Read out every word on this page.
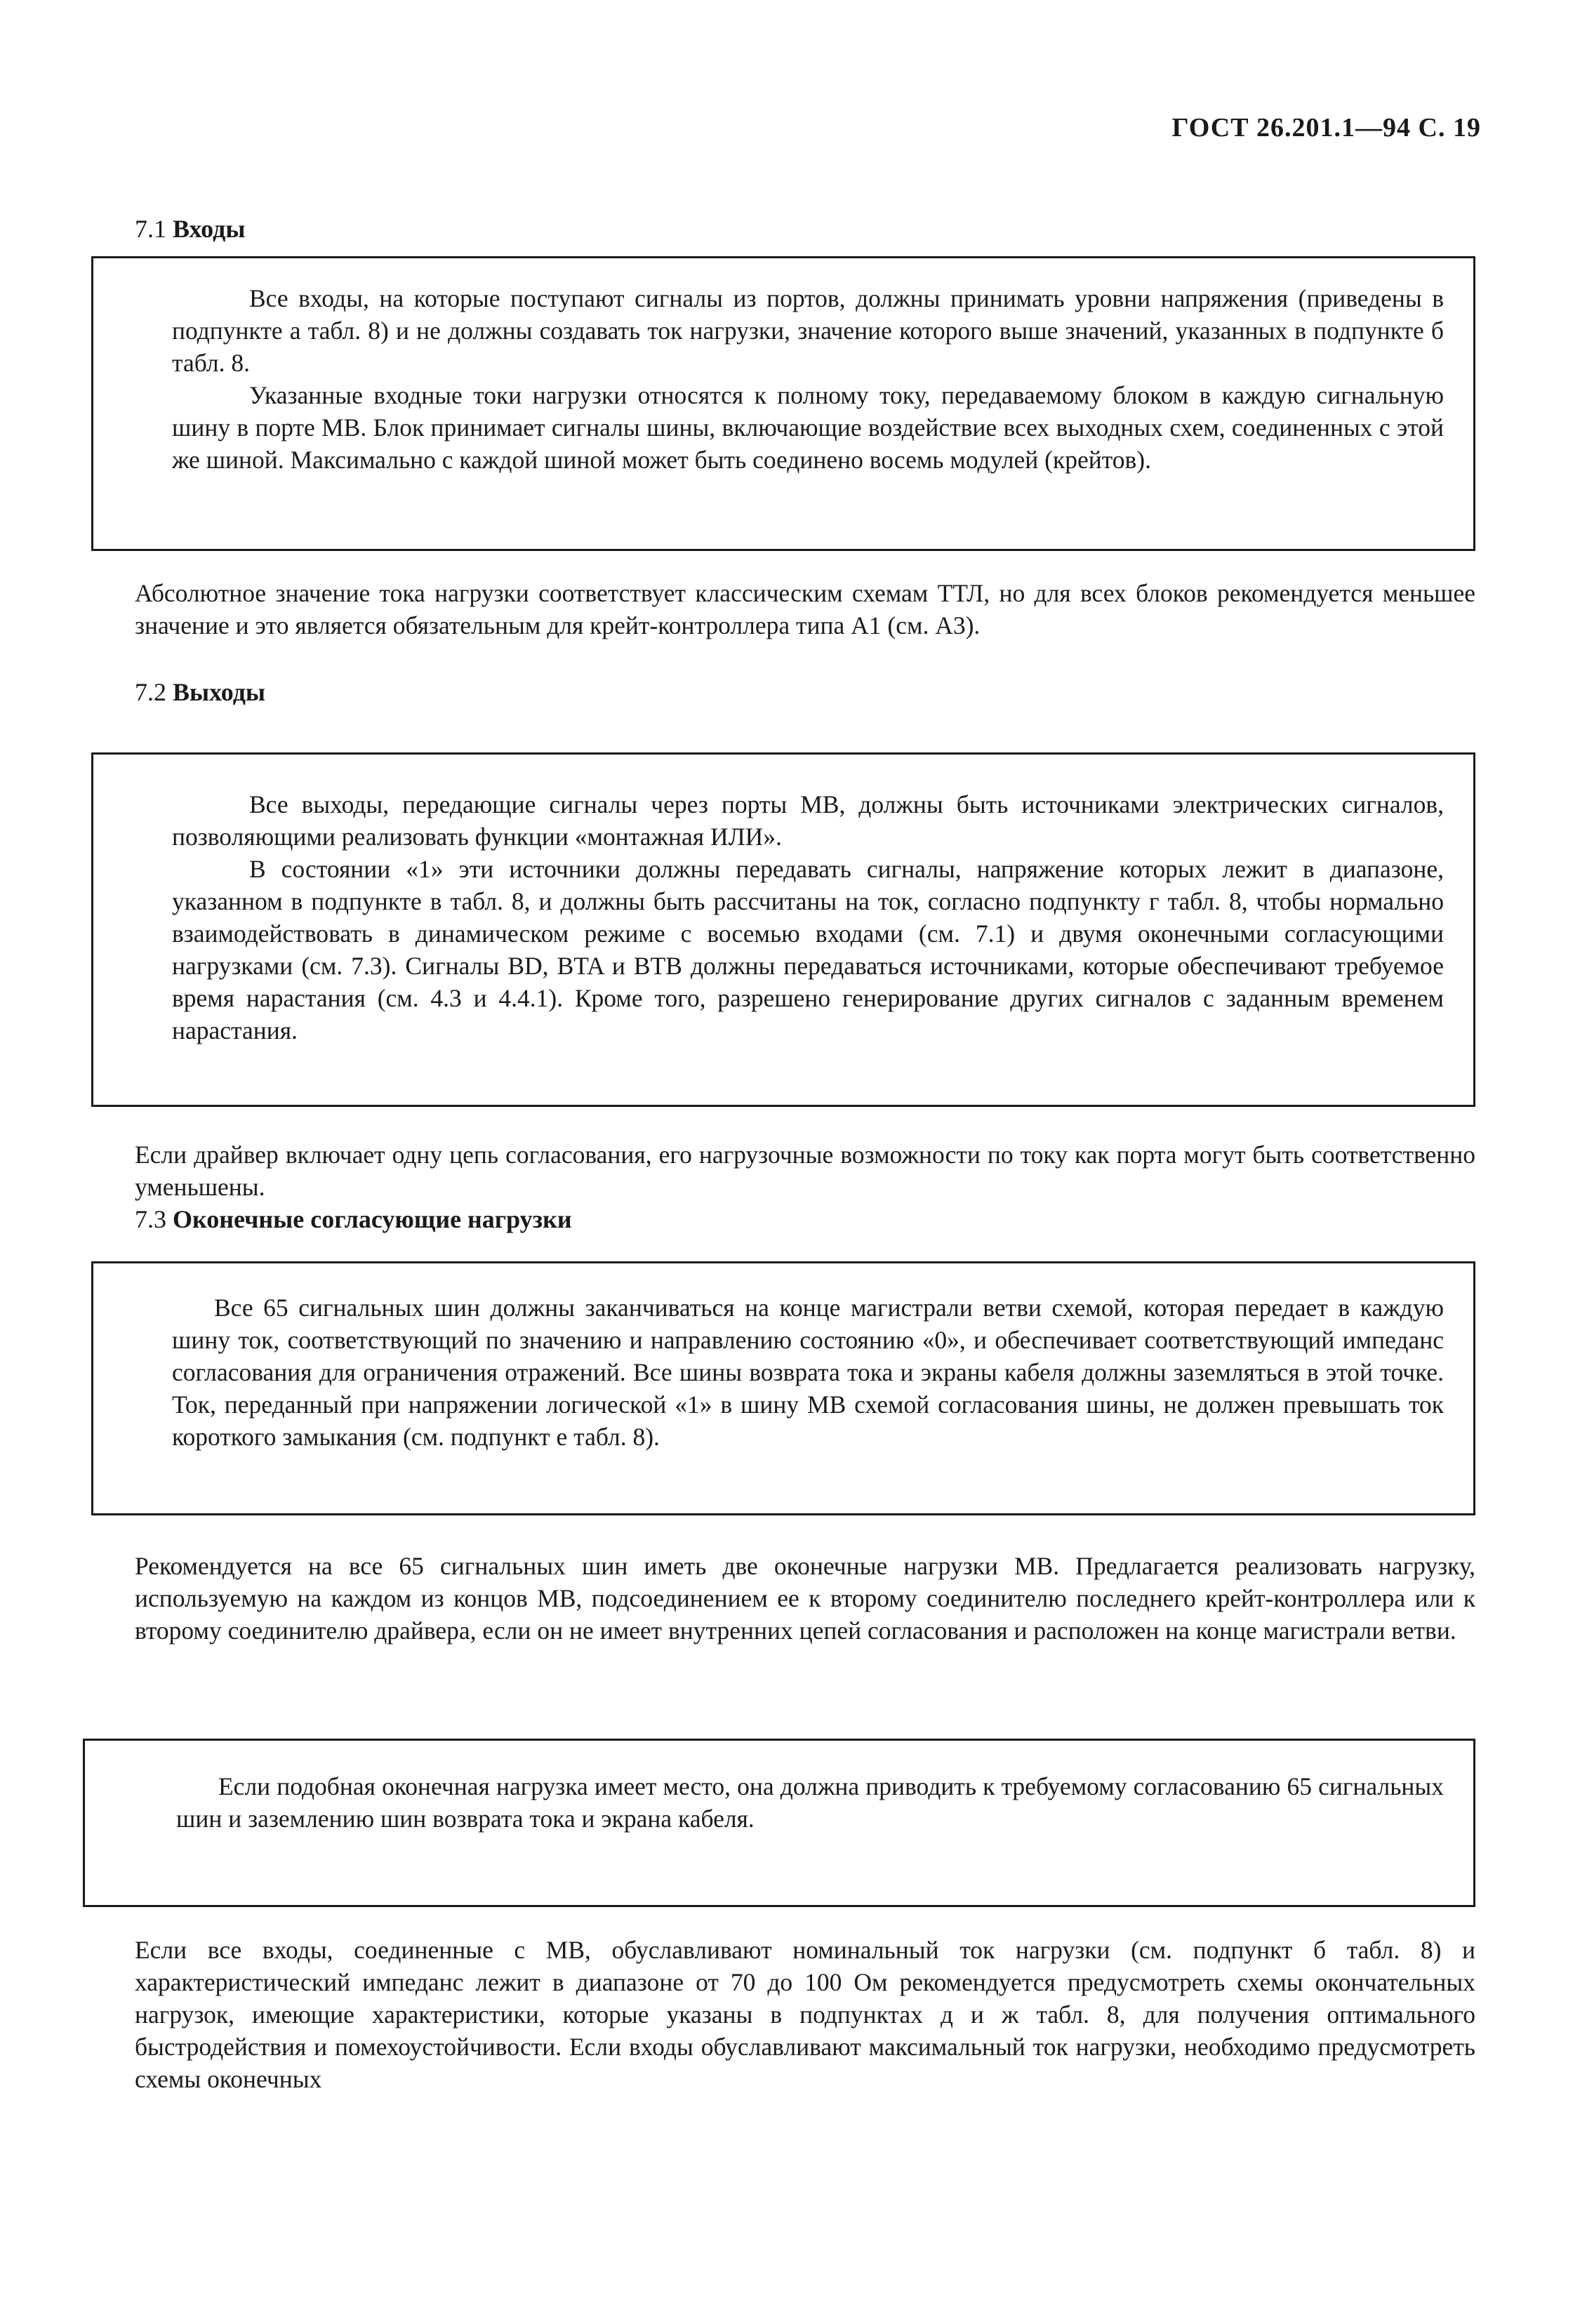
ГОСТ 26.201.1—94 С. 19
7.1 Входы

Все входы, на которые поступают сигналы из портов, должны принимать уровни напряжения (приведены в подпункте а табл. 8) и не должны создавать ток нагрузки, значение которого выше значений, указанных в подпункте б табл. 8.

Указанные входные токи нагрузки относятся к полному току, передаваемому блоком в каждую сигнальную шину в порте МВ. Блок принимает сигналы шины, включающие воздействие всех выходных схем, соединенных с этой же шиной. Максимально с каждой шиной может быть соединено восемь модулей (крейтов).

Абсолютное значение тока нагрузки соответствует классическим схемам ТТЛ, но для всех блоков рекомендуется меньшее значение и это является обязательным для крейт-контроллера типа А1 (см. А3).

7.2 Выходы

Все выходы, передающие сигналы через порты МВ, должны быть источниками электрических сигналов, позволяющими реализовать функции «монтажная ИЛИ».

В состоянии «1» эти источники должны передавать сигналы, напряжение которых лежит в диапазоне, указанном в подпункте в табл. 8, и должны быть рассчитаны на ток, согласно подпункту г табл. 8, чтобы нормально взаимодействовать в динамическом режиме с восемью входами (см. 7.1) и двумя оконечными согласующими нагрузками (см. 7.3). Сигналы BD, BTA и BTB должны передаваться источниками, которые обеспечивают требуемое время нарастания (см. 4.3 и 4.4.1). Кроме того, разрешено генерирование других сигналов с заданным временем нарастания.

Если драйвер включает одну цепь согласования, его нагрузочные возможности по току как порта могут быть соответственно уменьшены.

7.3 Оконечные согласующие нагрузки

Все 65 сигнальных шин должны заканчиваться на конце магистрали ветви схемой, которая передает в каждую шину ток, соответствующий по значению и направлению состоянию «0», и обеспечивает соответствующий импеданс согласования для ограничения отражений. Все шины возврата тока и экраны кабеля должны заземляться в этой точке. Ток, переданный при напряжении логической «1» в шину МВ схемой согласования шины, не должен превышать ток короткого замыкания (см. подпункт е табл. 8).

Рекомендуется на все 65 сигнальных шин иметь две оконечные нагрузки МВ. Предлагается реализовать нагрузку, используемую на каждом из концов МВ, подсоединением ее к второму соединителю последнего крейт-контроллера или к второму соединителю драйвера, если он не имеет внутренних цепей согласования и расположен на конце магистрали ветви.

Если подобная оконечная нагрузка имеет место, она должна приводить к требуемому согласованию 65 сигнальных шин и заземлению шин возврата тока и экрана кабеля.

Если все входы, соединенные с МВ, обуславливают номинальный ток нагрузки (см. подпункт б табл. 8) и характеристический импеданс лежит в диапазоне от 70 до 100 Ом рекомендуется предусмотреть схемы окончательных нагрузок, имеющие характеристики, которые указаны в подпунктах д и ж табл. 8, для получения оптимального быстродействия и помехоустойчивости. Если входы обуславливают максимальный ток нагрузки, необходимо предусмотреть схемы оконечных
